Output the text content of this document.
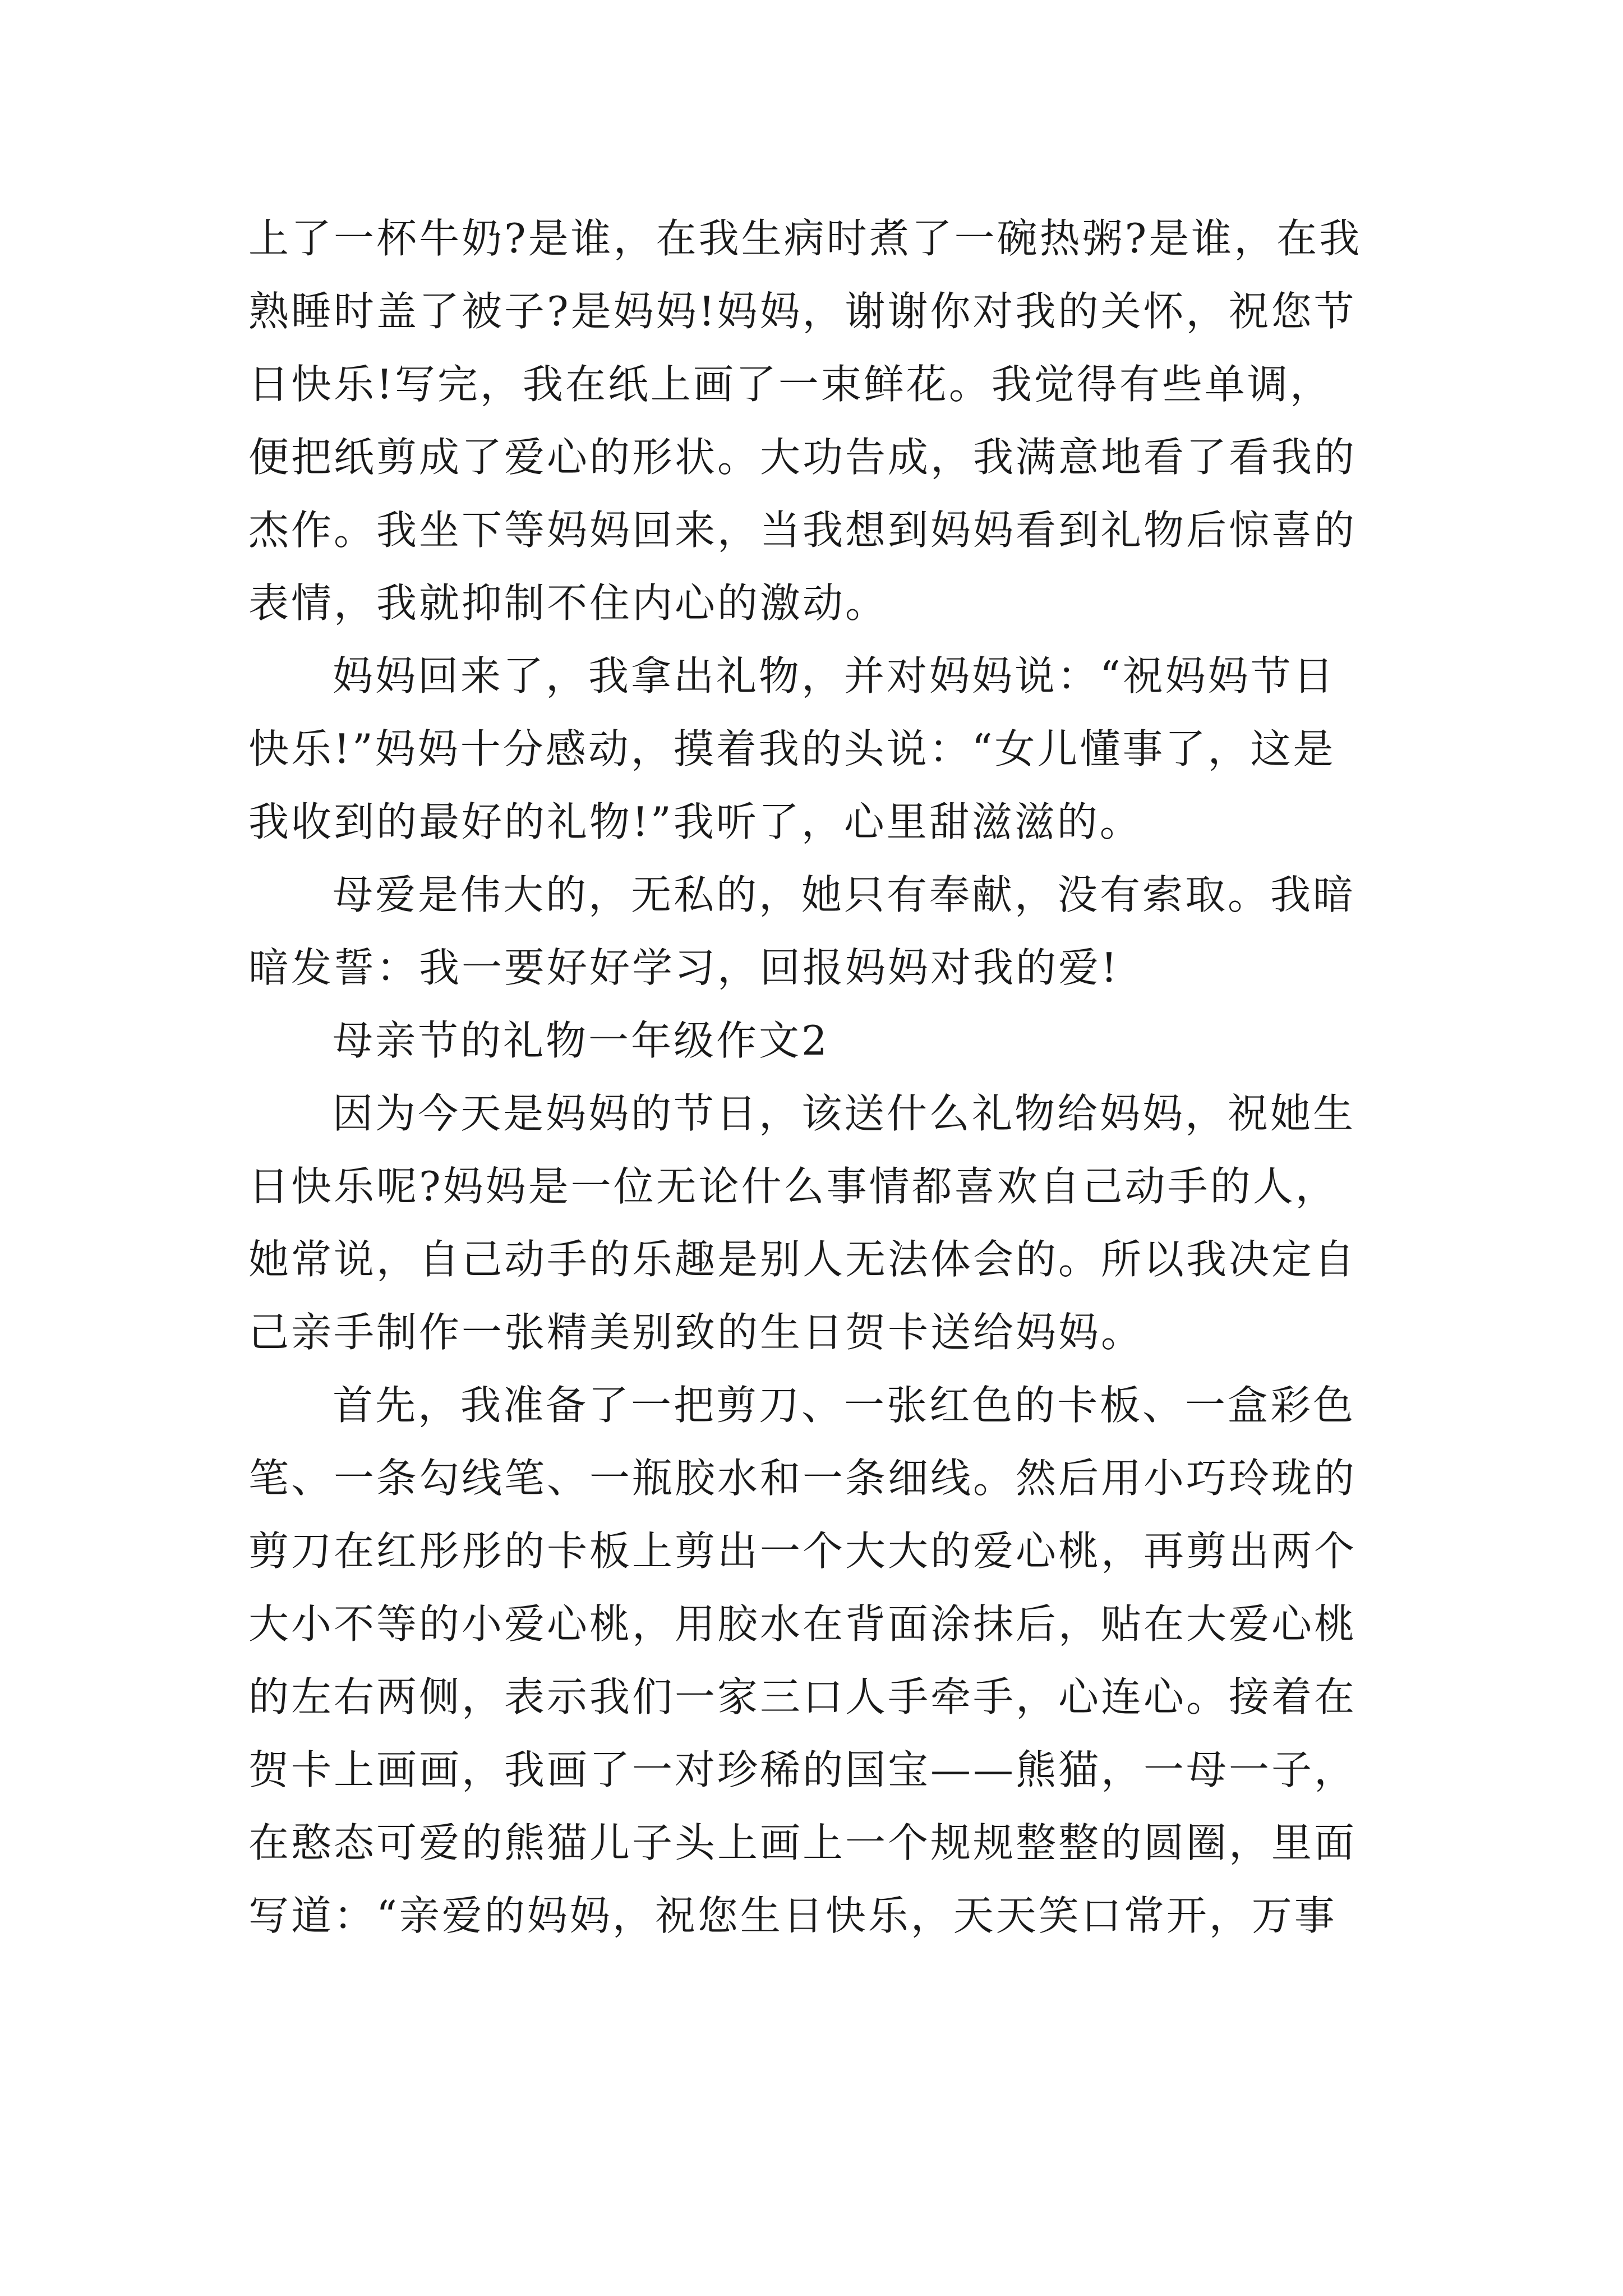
上了一杯牛奶?是谁，在我生病时煮了一碗热粥?是谁，在我
熟睡时盖了被子?是妈妈!妈妈，谢谢你对我的关怀，祝您节
日快乐!写完，我在纸上画了一束鲜花。我觉得有些单调，
便把纸剪成了爱心的形状。大功告成，我满意地看了看我的
杰作。我坐下等妈妈回来，当我想到妈妈看到礼物后惊喜的
表情，我就抑制不住内心的激动。
妈妈回来了，我拿出礼物，并对妈妈说：“祝妈妈节日
快乐!”妈妈十分感动，摸着我的头说：“女儿懂事了，这是
我收到的最好的礼物!”我听了，心里甜滋滋的。
母爱是伟大的，无私的，她只有奉献，没有索取。我暗
暗发誓：我一要好好学习，回报妈妈对我的爱!
母亲节的礼物一年级作文2
因为今天是妈妈的节日，该送什么礼物给妈妈，祝她生
日快乐呢?妈妈是一位无论什么事情都喜欢自己动手的人，
她常说，自己动手的乐趣是别人无法体会的。所以我决定自
己亲手制作一张精美别致的生日贺卡送给妈妈。
首先，我准备了一把剪刀、一张红色的卡板、一盒彩色
笔、一条勾线笔、一瓶胶水和一条细线。然后用小巧玲珑的
剪刀在红彤彤的卡板上剪出一个大大的爱心桃，再剪出两个
大小不等的小爱心桃，用胶水在背面涂抹后，贴在大爱心桃
的左右两侧，表示我们一家三口人手牵手，心连心。接着在
贺卡上画画，我画了一对珍稀的国宝——熊猫，一母一子，
在憨态可爱的熊猫儿子头上画上一个规规整整的圆圈，里面
写道：“亲爱的妈妈，祝您生日快乐，天天笑口常开，万事
